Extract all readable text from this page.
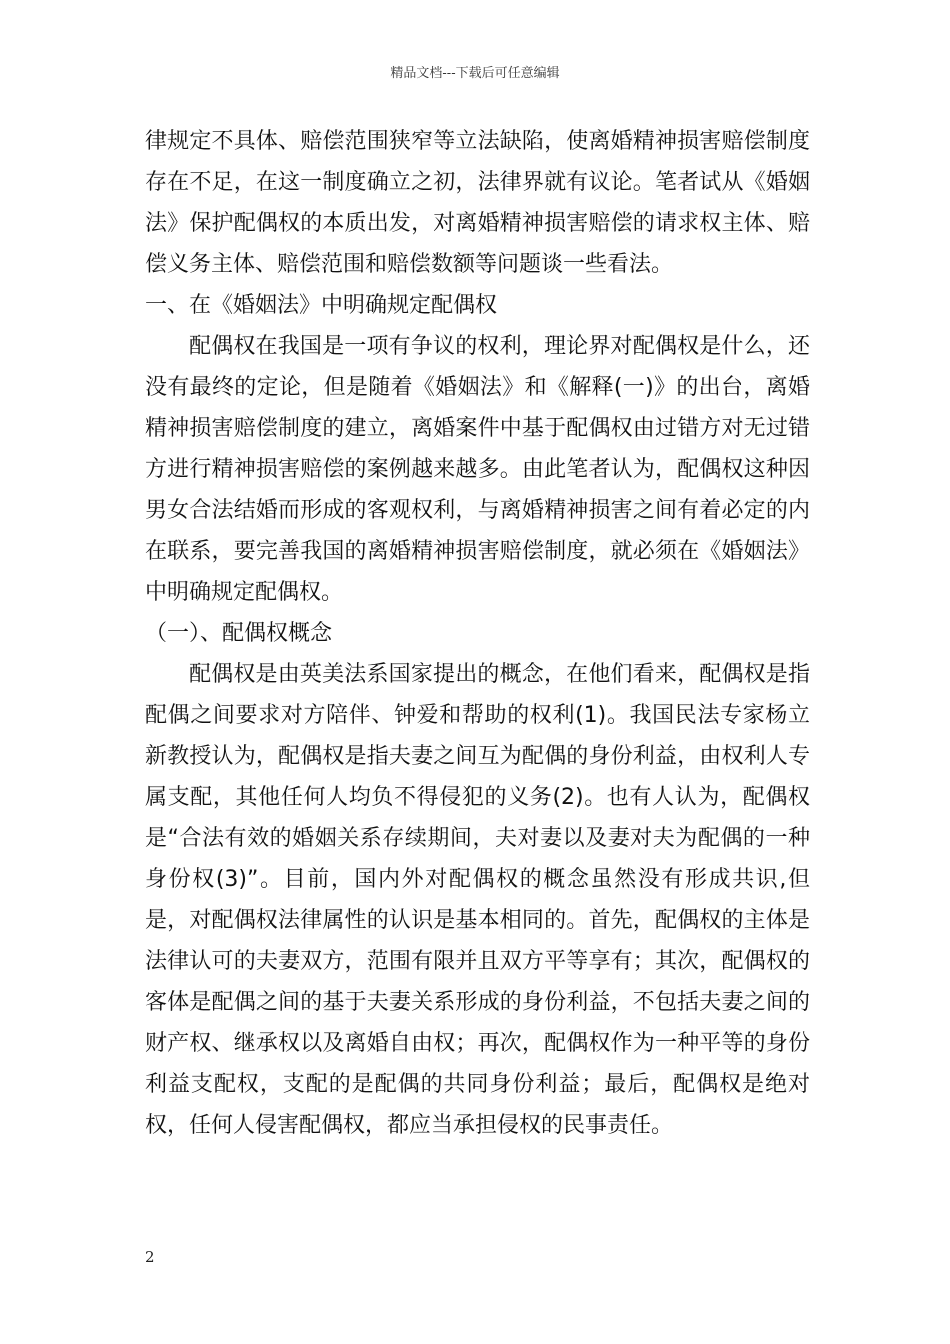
精品文档---下载后可任意编辑

律规定不具体、赔偿范围狭窄等立法缺陷，使离婚精神损害赔偿制度存在不足，在这一制度确立之初，法律界就有议论。笔者试从《婚姻法》保护配偶权的本质出发，对离婚精神损害赔偿的请求权主体、赔偿义务主体、赔偿范围和赔偿数额等问题谈一些看法。

一、在《婚姻法》中明确规定配偶权

配偶权在我国是一项有争议的权利，理论界对配偶权是什么，还没有最终的定论，但是随着《婚姻法》和《解释(一)》的出台，离婚精神损害赔偿制度的建立，离婚案件中基于配偶权由过错方对无过错方进行精神损害赔偿的案例越来越多。由此笔者认为，配偶权这种因男女合法结婚而形成的客观权利，与离婚精神损害之间有着必定的内在联系，要完善我国的离婚精神损害赔偿制度，就必须在《婚姻法》中明确规定配偶权。

（一）、配偶权概念

配偶权是由英美法系国家提出的概念，在他们看来，配偶权是指配偶之间要求对方陪伴、钟爱和帮助的权利(1)。我国民法专家杨立新教授认为，配偶权是指夫妻之间互为配偶的身份利益，由权利人专属支配，其他任何人均负不得侵犯的义务(2)。也有人认为，配偶权是“合法有效的婚姻关系存续期间，夫对妻以及妻对夫为配偶的一种身份权(3)”。目前，国内外对配偶权的概念虽然没有形成共识,但是，对配偶权法律属性的认识是基本相同的。首先，配偶权的主体是法律认可的夫妻双方，范围有限并且双方平等享有；其次，配偶权的客体是配偶之间的基于夫妻关系形成的身份利益，不包括夫妻之间的财产权、继承权以及离婚自由权；再次，配偶权作为一种平等的身份利益支配权，支配的是配偶的共同身份利益；最后，配偶权是绝对权，任何人侵害配偶权，都应当承担侵权的民事责任。

2
